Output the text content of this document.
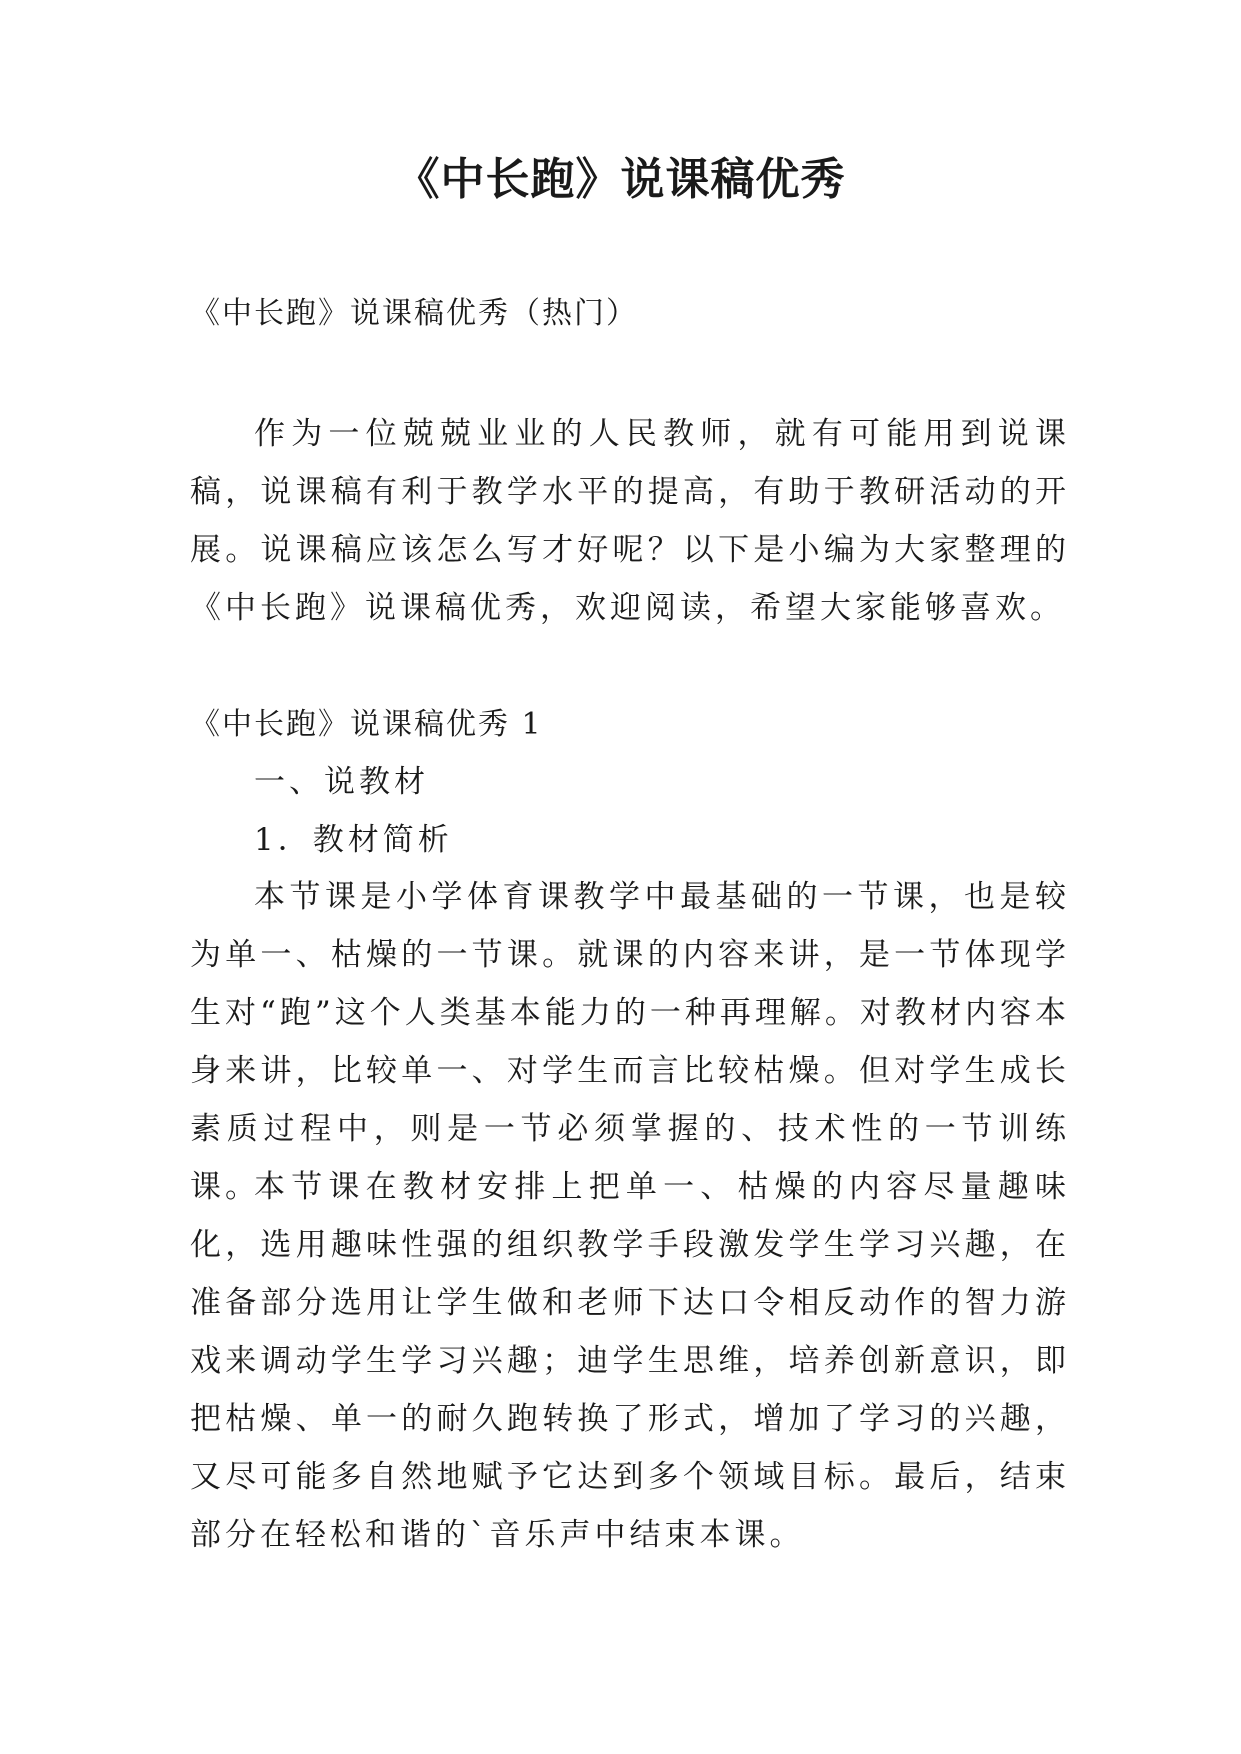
《中长跑》说课稿优秀
《中长跑》说课稿优秀（热门）

作为一位兢兢业业的人民教师，就有可能用到说课稿，说课稿有利于教学水平的提高，有助于教研活动的开展。说课稿应该怎么写才好呢？以下是小编为大家整理的《中长跑》说课稿优秀，欢迎阅读，希望大家能够喜欢。

《中长跑》说课稿优秀 1
一、说教材
1．教材简析

本节课是小学体育课教学中最基础的一节课，也是较为单一、枯燥的一节课。就课的内容来讲，是一节体现学生对“跑”这个人类基本能力的一种再理解。对教材内容本身来讲，比较单一、对学生而言比较枯燥。但对学生成长素质过程中，则是一节必须掌握的、技术性的一节训练课。

本节课在教材安排上把单一、枯燥的内容尽量趣味化，选用趣味性强的组织教学手段激发学生学习兴趣，在准备部分选用让学生做和老师下达口令相反动作的智力游戏来调动学生学习兴趣；迪学生思维，培养创新意识，即把枯燥、单一的耐久跑转换了形式，增加了学习的兴趣，又尽可能多自然地赋予它达到多个领域目标。最后，结束部分在轻松和谐的`音乐声中结束本课。
